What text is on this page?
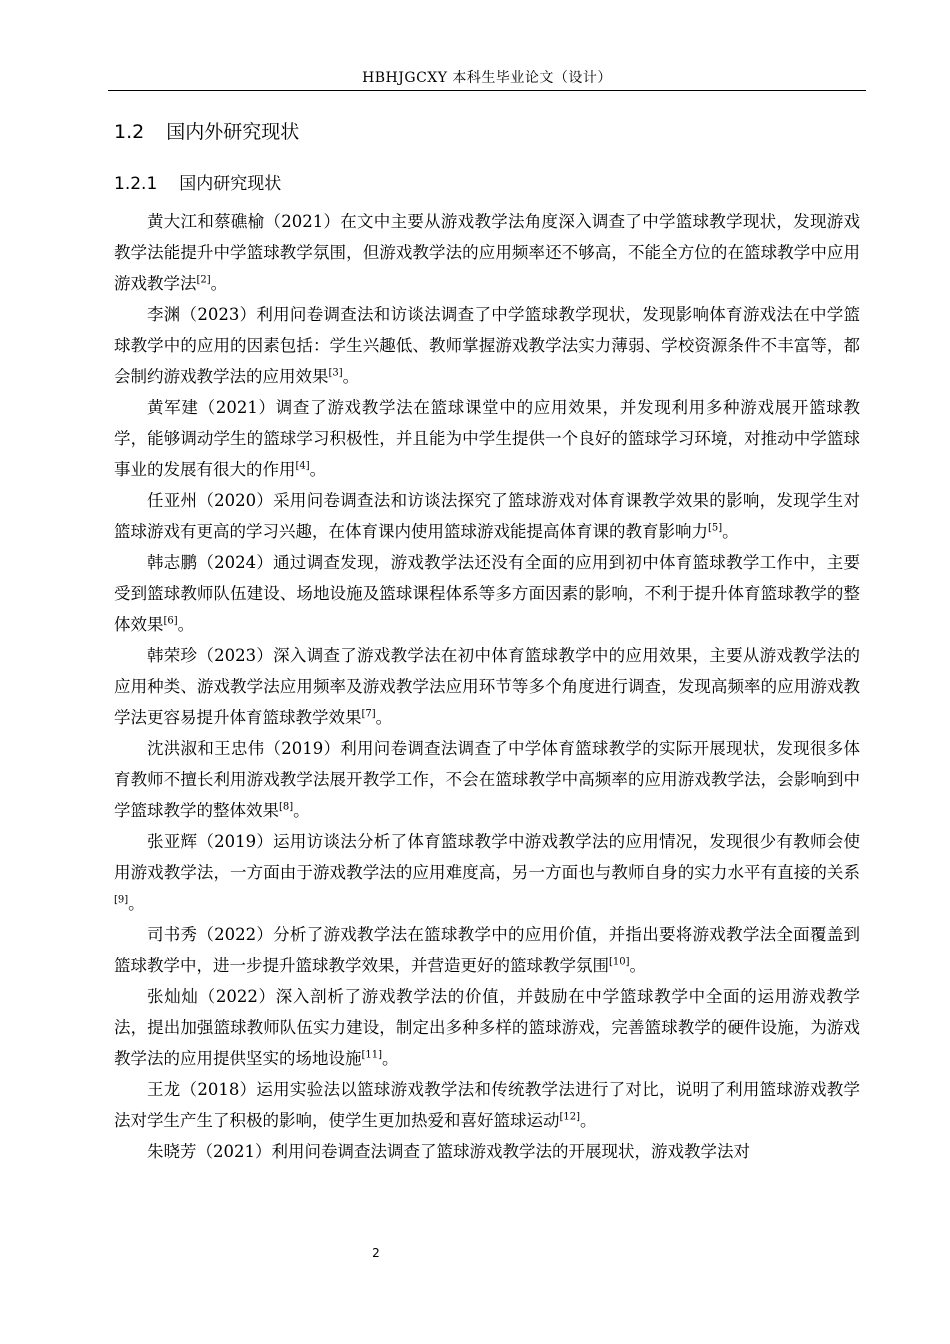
HBHJGCXY 本科生毕业论文（设计）
1.2 国内外研究现状
1.2.1 国内研究现状

黄大江和蔡礁榆（2021）在文中主要从游戏教学法角度深入调查了中学篮球教学现状，发现游戏教学法能提升中学篮球教学氛围，但游戏教学法的应用频率还不够高，不能全方位的在篮球教学中应用游戏教学法[2]。

李渊（2023）利用问卷调查法和访谈法调查了中学篮球教学现状，发现影响体育游戏法在中学篮球教学中的应用的因素包括：学生兴趣低、教师掌握游戏教学法实力薄弱、学校资源条件不丰富等，都会制约游戏教学法的应用效果[3]。

黄军建（2021）调查了游戏教学法在篮球课堂中的应用效果，并发现利用多种游戏展开篮球教学，能够调动学生的篮球学习积极性，并且能为中学生提供一个良好的篮球学习环境，对推动中学篮球事业的发展有很大的作用[4]。

任亚州（2020）采用问卷调查法和访谈法探究了篮球游戏对体育课教学效果的影响，发现学生对篮球游戏有更高的学习兴趣，在体育课内使用篮球游戏能提高体育课的教育影响力[5]。

韩志鹏（2024）通过调查发现，游戏教学法还没有全面的应用到初中体育篮球教学工作中，主要受到篮球教师队伍建设、场地设施及篮球课程体系等多方面因素的影响，不利于提升体育篮球教学的整体效果[6]。

韩荣珍（2023）深入调查了游戏教学法在初中体育篮球教学中的应用效果，主要从游戏教学法的应用种类、游戏教学法应用频率及游戏教学法应用环节等多个角度进行调查，发现高频率的应用游戏教学法更容易提升体育篮球教学效果[7]。

沈洪淑和王忠伟（2019）利用问卷调查法调查了中学体育篮球教学的实际开展现状，发现很多体育教师不擅长利用游戏教学法展开教学工作，不会在篮球教学中高频率的应用游戏教学法，会影响到中学篮球教学的整体效果[8]。

张亚辉（2019）运用访谈法分析了体育篮球教学中游戏教学法的应用情况，发现很少有教师会使用游戏教学法，一方面由于游戏教学法的应用难度高，另一方面也与教师自身的实力水平有直接的关系[9]。

司书秀（2022）分析了游戏教学法在篮球教学中的应用价值，并指出要将游戏教学法全面覆盖到篮球教学中，进一步提升篮球教学效果，并营造更好的篮球教学氛围[10]。

张灿灿（2022）深入剖析了游戏教学法的价值，并鼓励在中学篮球教学中全面的运用游戏教学法，提出加强篮球教师队伍实力建设，制定出多种多样的篮球游戏，完善篮球教学的硬件设施，为游戏教学法的应用提供坚实的场地设施[11]。

王龙（2018）运用实验法以篮球游戏教学法和传统教学法进行了对比，说明了利用篮球游戏教学法对学生产生了积极的影响，使学生更加热爱和喜好篮球运动[12]。

朱晓芳（2021）利用问卷调查法调查了篮球游戏教学法的开展现状，游戏教学法对

2
